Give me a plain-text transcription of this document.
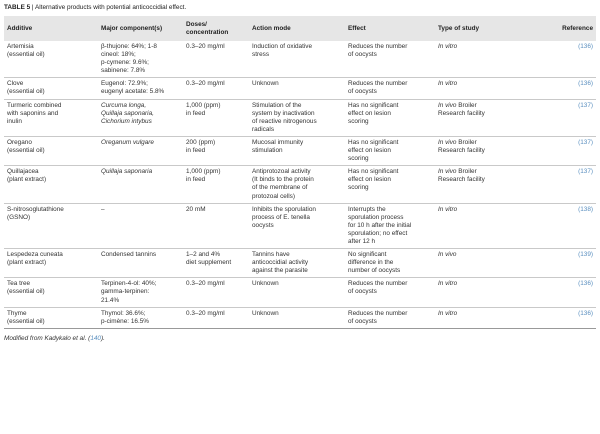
TABLE 5 | Alternative products with potential anticoccidial effect.
Additive	Major component(s)	Doses/ concentration	Action mode	Effect	Type of study	Reference

Artemisia
(essential oil)	β-thujone: 64%; 1-8
cineol: 18%;
p-cymene: 9.6%;
sabinene: 7.8%	0.3–20 mg/ml	Induction of oxidative
stress	Reduces the number
of oocysts	In vitro	(136)

Clove
(essential oil)	Eugenol: 72.9%;
eugenyl acetate: 5.8%	0.3–20 mg/ml	Unknown	Reduces the number
of oocysts	In vitro	(136)

Turmeric combined
with saponins and
inulin	Curcuma longa,
Quillaja saponaria,
Cichorium intybus	1,000 (ppm)
in feed	Stimulation of the
system by inactivation
of reactive nitrogenous
radicals	Has no significant
effect on lesion
scoring	In vivo Broiler
Research facility	(137)

Oregano
(essential oil)	Oreganum vulgare	200 (ppm)
in feed	Mucosal immunity
stimulation	Has no significant
effect on lesion
scoring	In vivo Broiler
Research facility	(137)

Quillajacea
(plant extract)	Quillaja saponaria	1,000 (ppm)
in feed	Antiprotozoal activity
(It binds to the protein
of the membrane of
protozoal cells)	Has no significant
effect on lesion
scoring	In vivo Broiler
Research facility	(137)

S-nitrosoglutathione
(GSNO)	–	20 mM	Inhibits the sporulation
process of E. tenella
oocysts	Interrupts the
sporulation process
for 10 h after the initial
sporulation; no effect
after 12 h	In vitro	(138)

Lespedeza cuneata
(plant extract)	Condensed tannins	1–2 and 4%
diet supplement	Tannins have
anticoccidial activity
against the parasite	No significant
difference in the
number of oocysts	In vivo	(139)

Tea tree
(essential oil)	Terpinen-4-ol: 40%;
gamma-terpinen:
21.4%	0.3–20 mg/ml	Unknown	Reduces the number
of oocysts	In vitro	(136)

Thyme
(essential oil)	Thymol: 36.6%;
p-cimène: 16.5%	0.3–20 mg/ml	Unknown	Reduces the number
of oocysts	In vitro	(136)
Modified from Kadykalo et al. (140).
